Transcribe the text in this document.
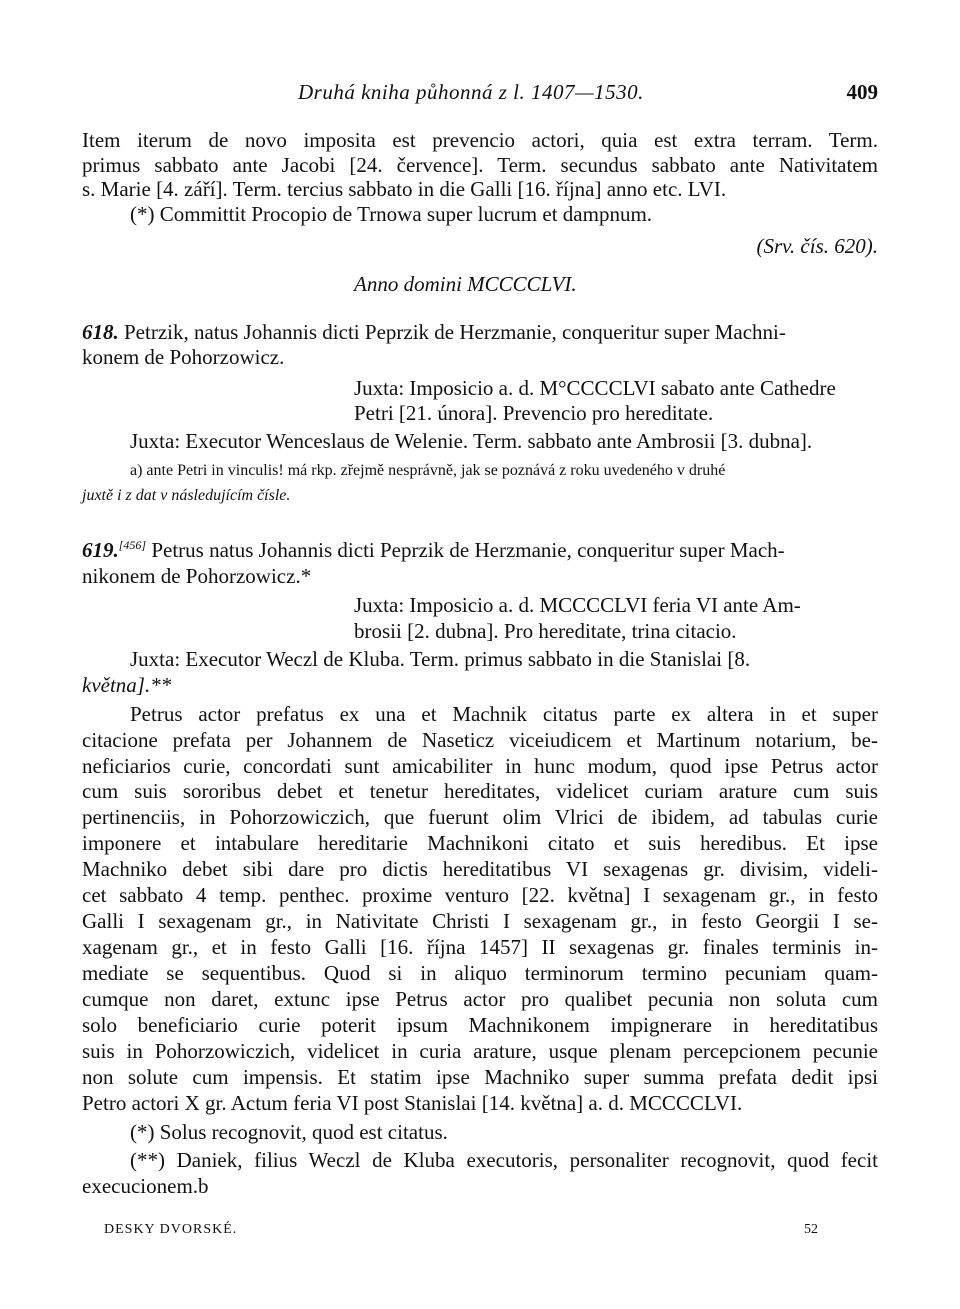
Druhá kniha půhonná z l. 1407—1530.	409
Item iterum de novo imposita est prevencio actori, quia est extra terram. Term.
primus sabbato ante Jacobi [24. července]. Term. secundus sabbato ante Nativitatem
s. Marie [4. září]. Term. tercius sabbato in die Galli [16. října] anno etc. LVI.
(*) Committit Procopio de Trnowa super lucrum et dampnum.
(Srv. čís. 620).
Anno domini MCCCCLVI.
618. Petrzik, natus Johannis dicti Peprzik de Herzmanie, conqueritur super Machni-
konem de Pohorzowicz.
Juxta: Imposicio a. d. M°CCCCLVI sabato ante Cathedre
Petri [21. února]. Prevencio pro hereditate.
Juxta: Executor Wenceslaus de Welenie. Term. sabbato ante Ambrosii [3. dubna].
a) ante Petri in vinculis! má rkp. zřejmě nesprávně, jak se poznává z roku uvedeného v druhé
juxtě i z dat v následujícím čísle.
619.[456] Petrus natus Johannis dicti Peprzik de Herzmanie, conqueritur super Mach-
nikonem de Pohorzowicz.*
Juxta: Imposicio a. d. MCCCCLVI feria VI ante Am-
brosii [2. dubna]. Pro hereditate, trina citacio.
Juxta: Executor Weczl de Kluba. Term. primus sabbato in die Stanislai [8.
května].**
Petrus actor prefatus ex una et Machnik citatus parte ex altera in et super
citacione prefata per Johannem de Naseticz viceiudicem et Martinum notarium, be-
neficiarios curie, concordati sunt amicabiliter in hunc modum, quod ipse Petrus actor
cum suis sororibus debet et tenetur hereditates, videlicet curiam arature cum suis
pertinenciis, in Pohorzowiczich, que fuerunt olim Vlrici de ibidem, ad tabulas curie
imponere et intabulare hereditarie Machnikoni citato et suis heredibus. Et ipse
Machniko debet sibi dare pro dictis hereditatibus VI sexagenas gr. divisim, videli-
cet sabbato 4 temp. penthec. proxime venturo [22. května] I sexagenam gr., in festo
Galli I sexagenam gr., in Nativitate Christi I sexagenam gr., in festo Georgii I se-
xagenam gr., et in festo Galli [16. října 1457] II sexagenas gr. finales terminis in-
mediate se sequentibus. Quod si in aliquo terminorum termino pecuniam quam-
cumque non daret, extunc ipse Petrus actor pro qualibet pecunia non soluta cum
solo beneficiario curie poterit ipsum Machnikonem impignerare in hereditatibus
suis in Pohorzowiczich, videlicet in curia arature, usque plenam percepcionem pecunie
non solute cum impensis. Et statim ipse Machniko super summa prefata dedit ipsi
Petro actori X gr. Actum feria VI post Stanislai [14. května] a. d. MCCCCLVI.
(*) Solus recognovit, quod est citatus.
(**) Daniek, filius Weczl de Kluba executoris, personaliter recognovit, quod fecit
execucionem.b
DESKY DVORSKÉ.	52
